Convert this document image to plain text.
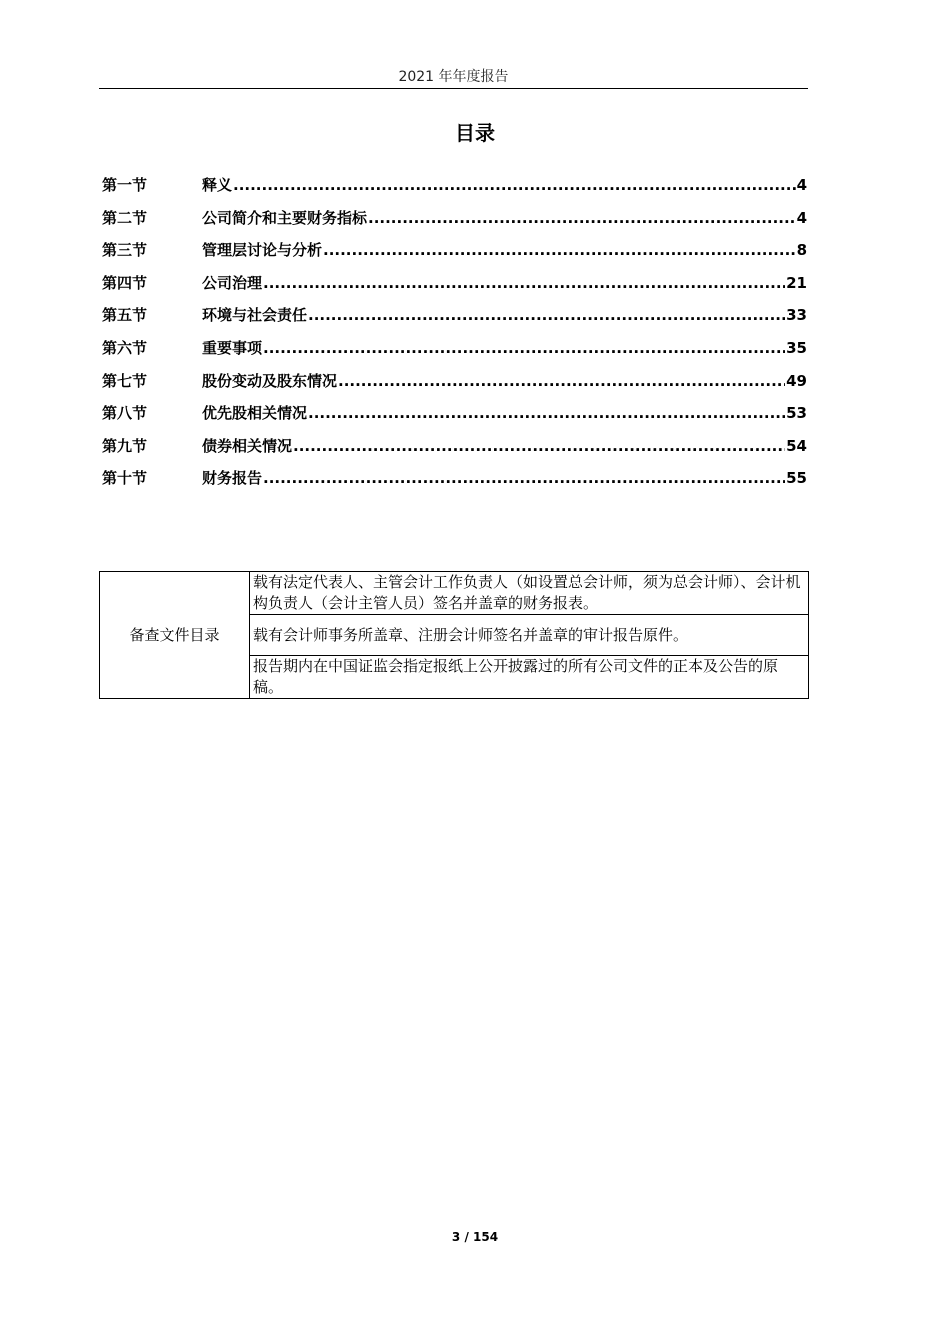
2021 年年度报告
目录
第一节	释义 .....	4
第二节	公司简介和主要财务指标 .....	4
第三节	管理层讨论与分析 .....	8
第四节	公司治理 .....	21
第五节	环境与社会责任 .....	33
第六节	重要事项 .....	35
第七节	股份变动及股东情况 .....	49
第八节	优先股相关情况 .....	53
第九节	债券相关情况 .....	54
第十节	财务报告 .....	55
备查文件目录	载有法定代表人、主管会计工作负责人（如设置总会计师，须为总会计师）、会计机构负责人（会计主管人员）签名并盖章的财务报表。
载有会计师事务所盖章、注册会计师签名并盖章的审计报告原件。
报告期内在中国证监会指定报纸上公开披露过的所有公司文件的正本及公告的原稿。
3 / 154
